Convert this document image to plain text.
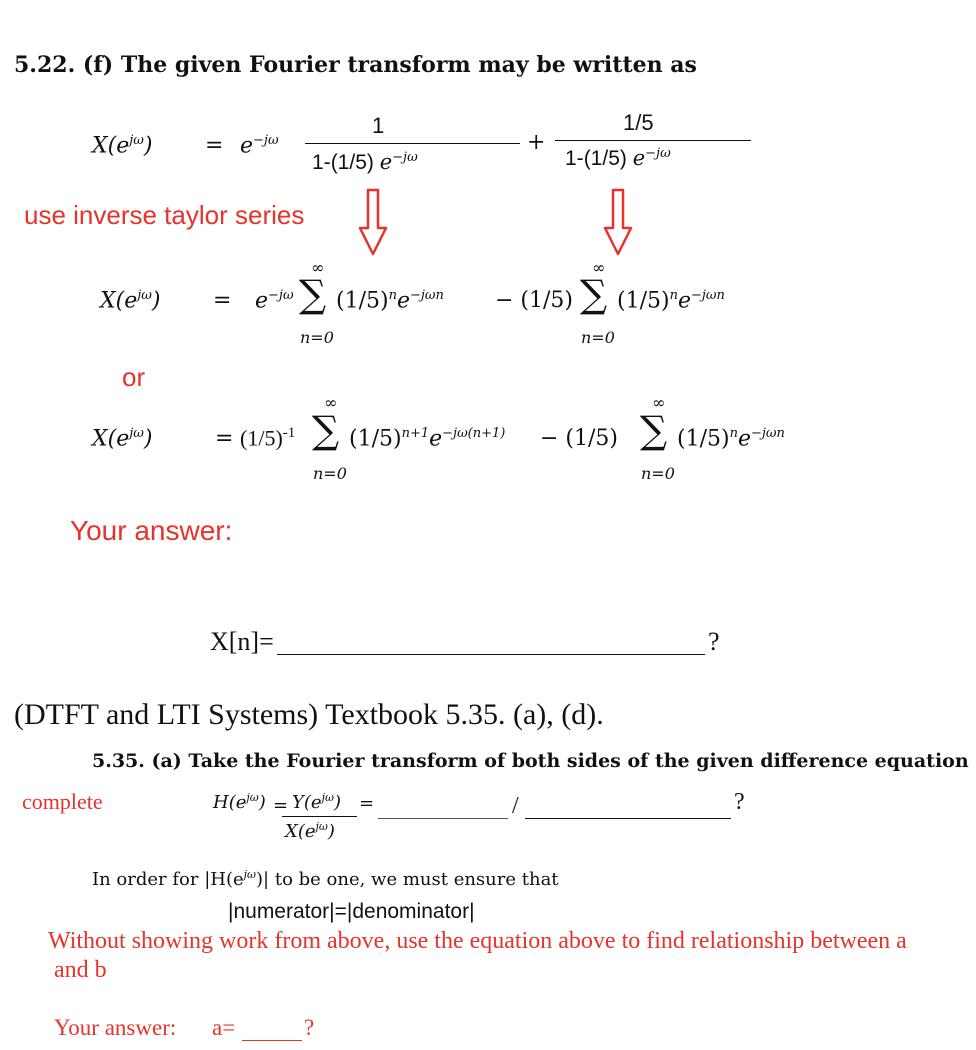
5.22. (f) The given Fourier transform may be written as
$X(e^{j\omega}) = e^{-j\omega}$
1
1-(1/5) $e^{-j\omega}$
+
1/5
1-(1/5) $e^{-j\omega}$
use inverse taylor series
$X(e^{j\omega}) = e^{-j\omega}$
∞
∑
n=0
$(1/5)^ne^{-j\omega n} - (1/5)$
∞
∑
n=0
$(1/5)^ne^{-j\omega n}$
or
$X(e^{j\omega})$	= $(1/5)^{-1}$
∞
∑
n=0
$(1/5)^{n+1}e^{-j\omega(n+1)} - (1/5)$
∞
∑
n=0
$(1/5)^ne^{-j\omega n}$
Your answer:
X[n]=	?
(DTFT and LTI Systems) Textbook 5.35. (a), (d).
5.35. (a) Take the Fourier transform of both sides of the given difference equation
complete	$H(e^{j\omega}) = Y(e^{j\omega})$
$X(e^{j\omega})$
=	/	?
In order for $|H(e^{j\omega})|$ to be one, we must ensure that
|numerator|=|denominator|
Without showing work from above, use the equation above to find relationship between a
and b
Your answer: a=	?
